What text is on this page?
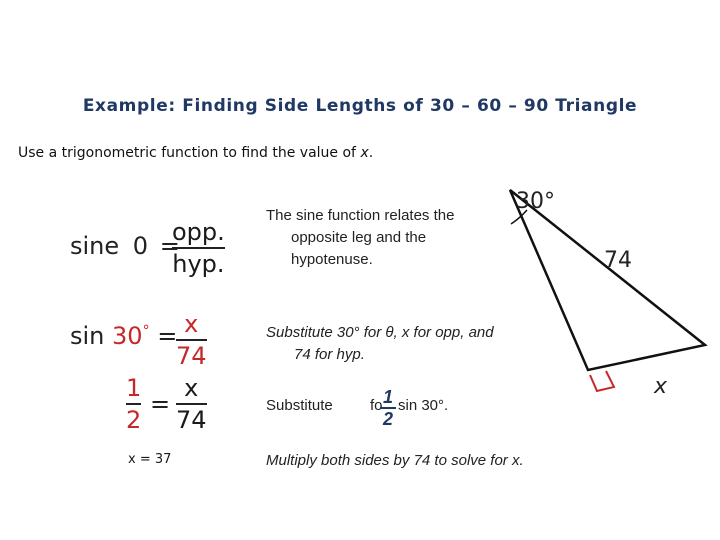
Example: Finding Side Lengths of 30 – 60 – 90 Triangle
Use a trigonometric function to find the value of x.
sine 0 =
opp.
hyp.
sin 30° = x
74
1
2
=
x
74
x = 37
The sine function relates the
opposite leg and the
hypotenuse.
Substitute 30° for θ, x for opp, and
74 for hyp.
Substitute fo 1
2
sin 30°.
Multiply both sides by 74 to solve for x.
30°
74
x
